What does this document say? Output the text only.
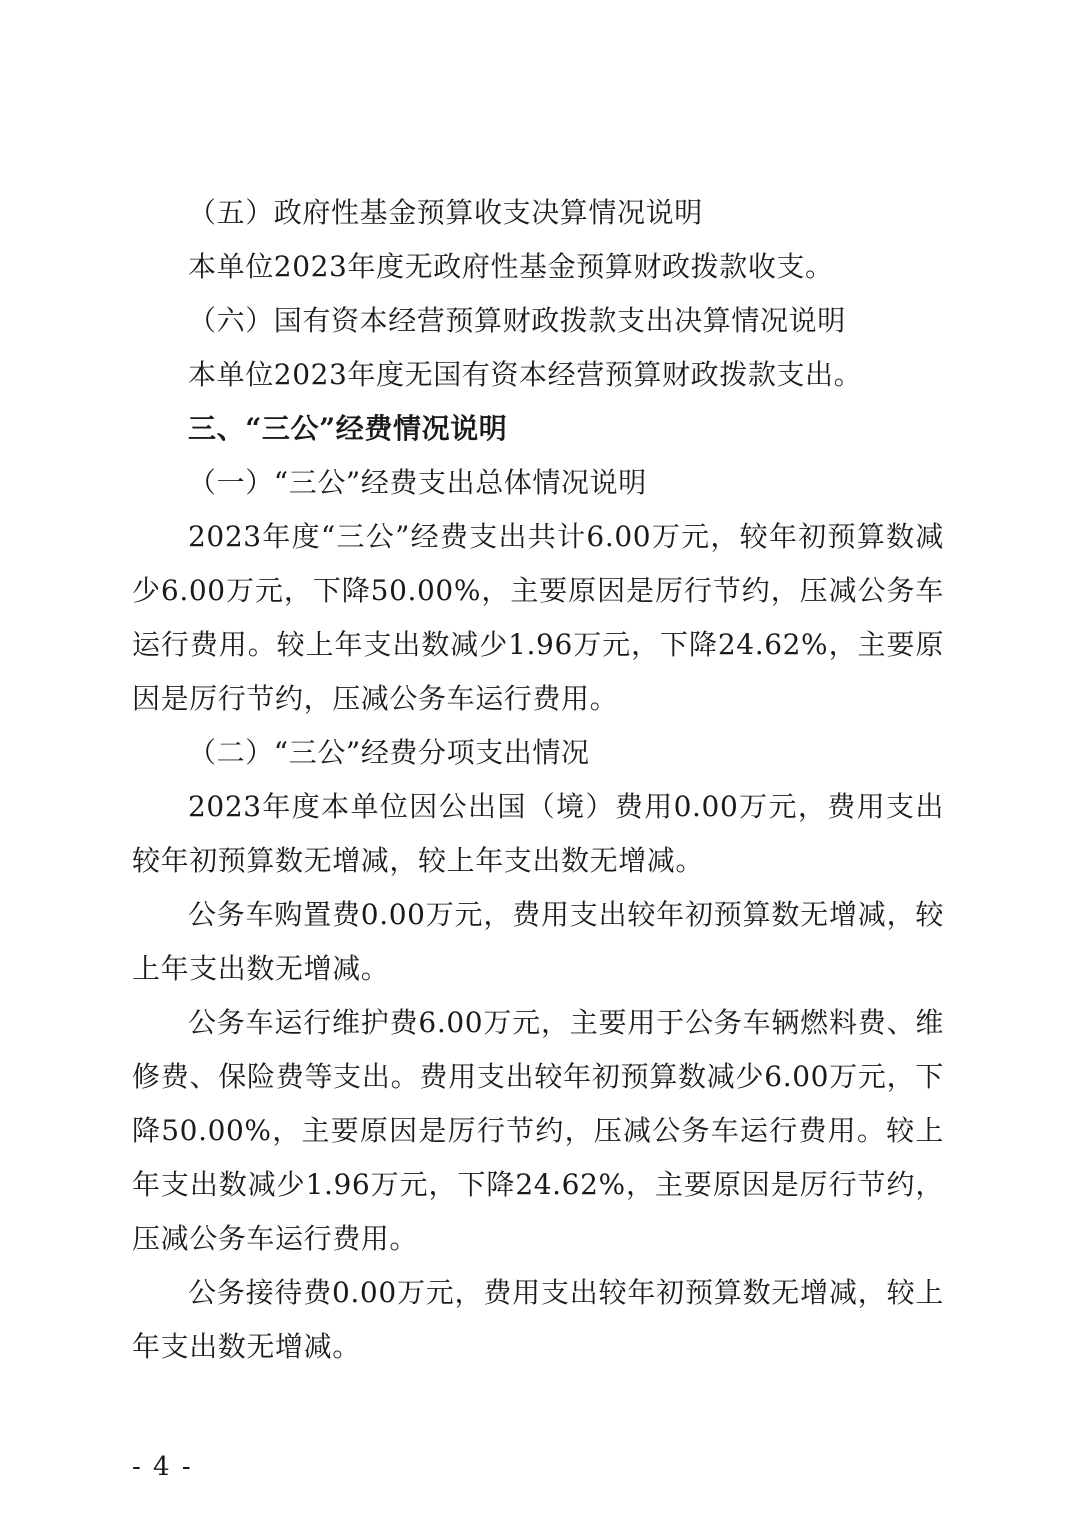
（五）政府性基金预算收支决算情况说明

本单位2023年度无政府性基金预算财政拨款收支。

（六）国有资本经营预算财政拨款支出决算情况说明

本单位2023年度无国有资本经营预算财政拨款支出。

三、“三公”经费情况说明

（一）“三公”经费支出总体情况说明

2023年度“三公”经费支出共计6.00万元，较年初预算数减少6.00万元，下降50.00%，主要原因是厉行节约，压减公务车运行费用。较上年支出数减少1.96万元，下降24.62%，主要原因是厉行节约，压减公务车运行费用。

（二）“三公”经费分项支出情况

2023年度本单位因公出国（境）费用0.00万元，费用支出较年初预算数无增减，较上年支出数无增减。

公务车购置费0.00万元，费用支出较年初预算数无增减，较上年支出数无增减。

公务车运行维护费6.00万元，主要用于公务车辆燃料费、维修费、保险费等支出。费用支出较年初预算数减少6.00万元，下降50.00%，主要原因是厉行节约，压减公务车运行费用。较上年支出数减少1.96万元，下降24.62%，主要原因是厉行节约，压减公务车运行费用。

公务接待费0.00万元，费用支出较年初预算数无增减，较上年支出数无增减。

- 4 -
